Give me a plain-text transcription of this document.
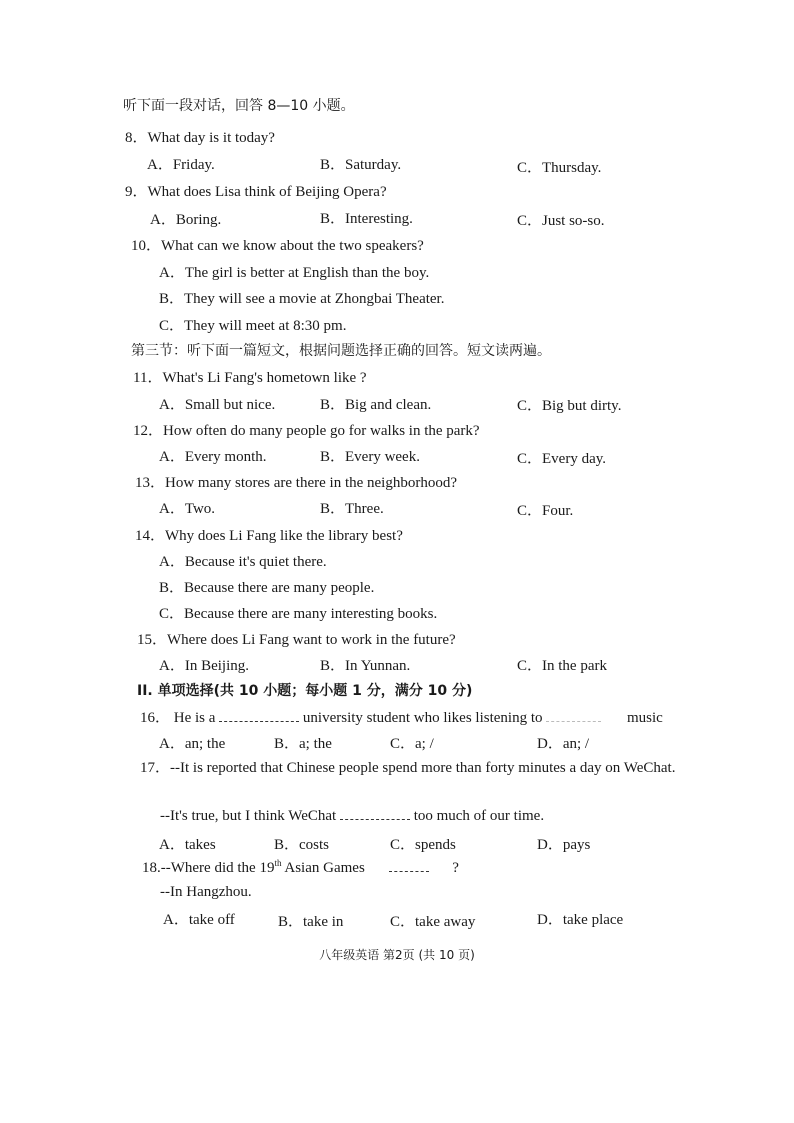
听下面一段对话，回答 8—10 小题。
8．What day is it today?
A．Friday.	B．Saturday.	C．Thursday.
9．What does Lisa think of Beijing Opera?
A．Boring.	B．Interesting.	C．Just so-so.
10．What can we know about the two speakers?
A．The girl is better at English than the boy.
B．They will see a movie at Zhongbai Theater.
C．They will meet at 8:30 pm.
第三节：听下面一篇短文，根据问题选择正确的回答。短文读两遍。
11．What's Li Fang's hometown like ?
A．Small but nice.	B．Big and clean.	C．Big but dirty.
12．How often do many people go for walks in the park?
A．Every month.	B．Every week.	C．Every day.
13．How many stores are there in the neighborhood?
A．Two.	B．Three.	C．Four.
14．Why does Li Fang like the library best?
A．Because it's quiet there.
B．Because there are many people.
C．Because there are many interesting books.
15．Where does Li Fang want to work in the future?
A．In Beijing.	B．In Yunnan.	C．In the park
II. 单项选择(共 10 小题；每小题 1 分，满分 10 分)
16． He is a	university student who likes listening to	music
A．an; the	B．a; the	C．a; /	D．an; /
17．--It is reported that Chinese people spend more than forty minutes a day on WeChat.
--It's true, but I think WeChat	too much of our time.
A．takes	B．costs	C．spends	D．pays
18.--Where did the 19th Asian Games	?
--In Hangzhou.
A．take off	B．take in	C．take away	D．take place
八年级英语 第2页 (共 10 页)
